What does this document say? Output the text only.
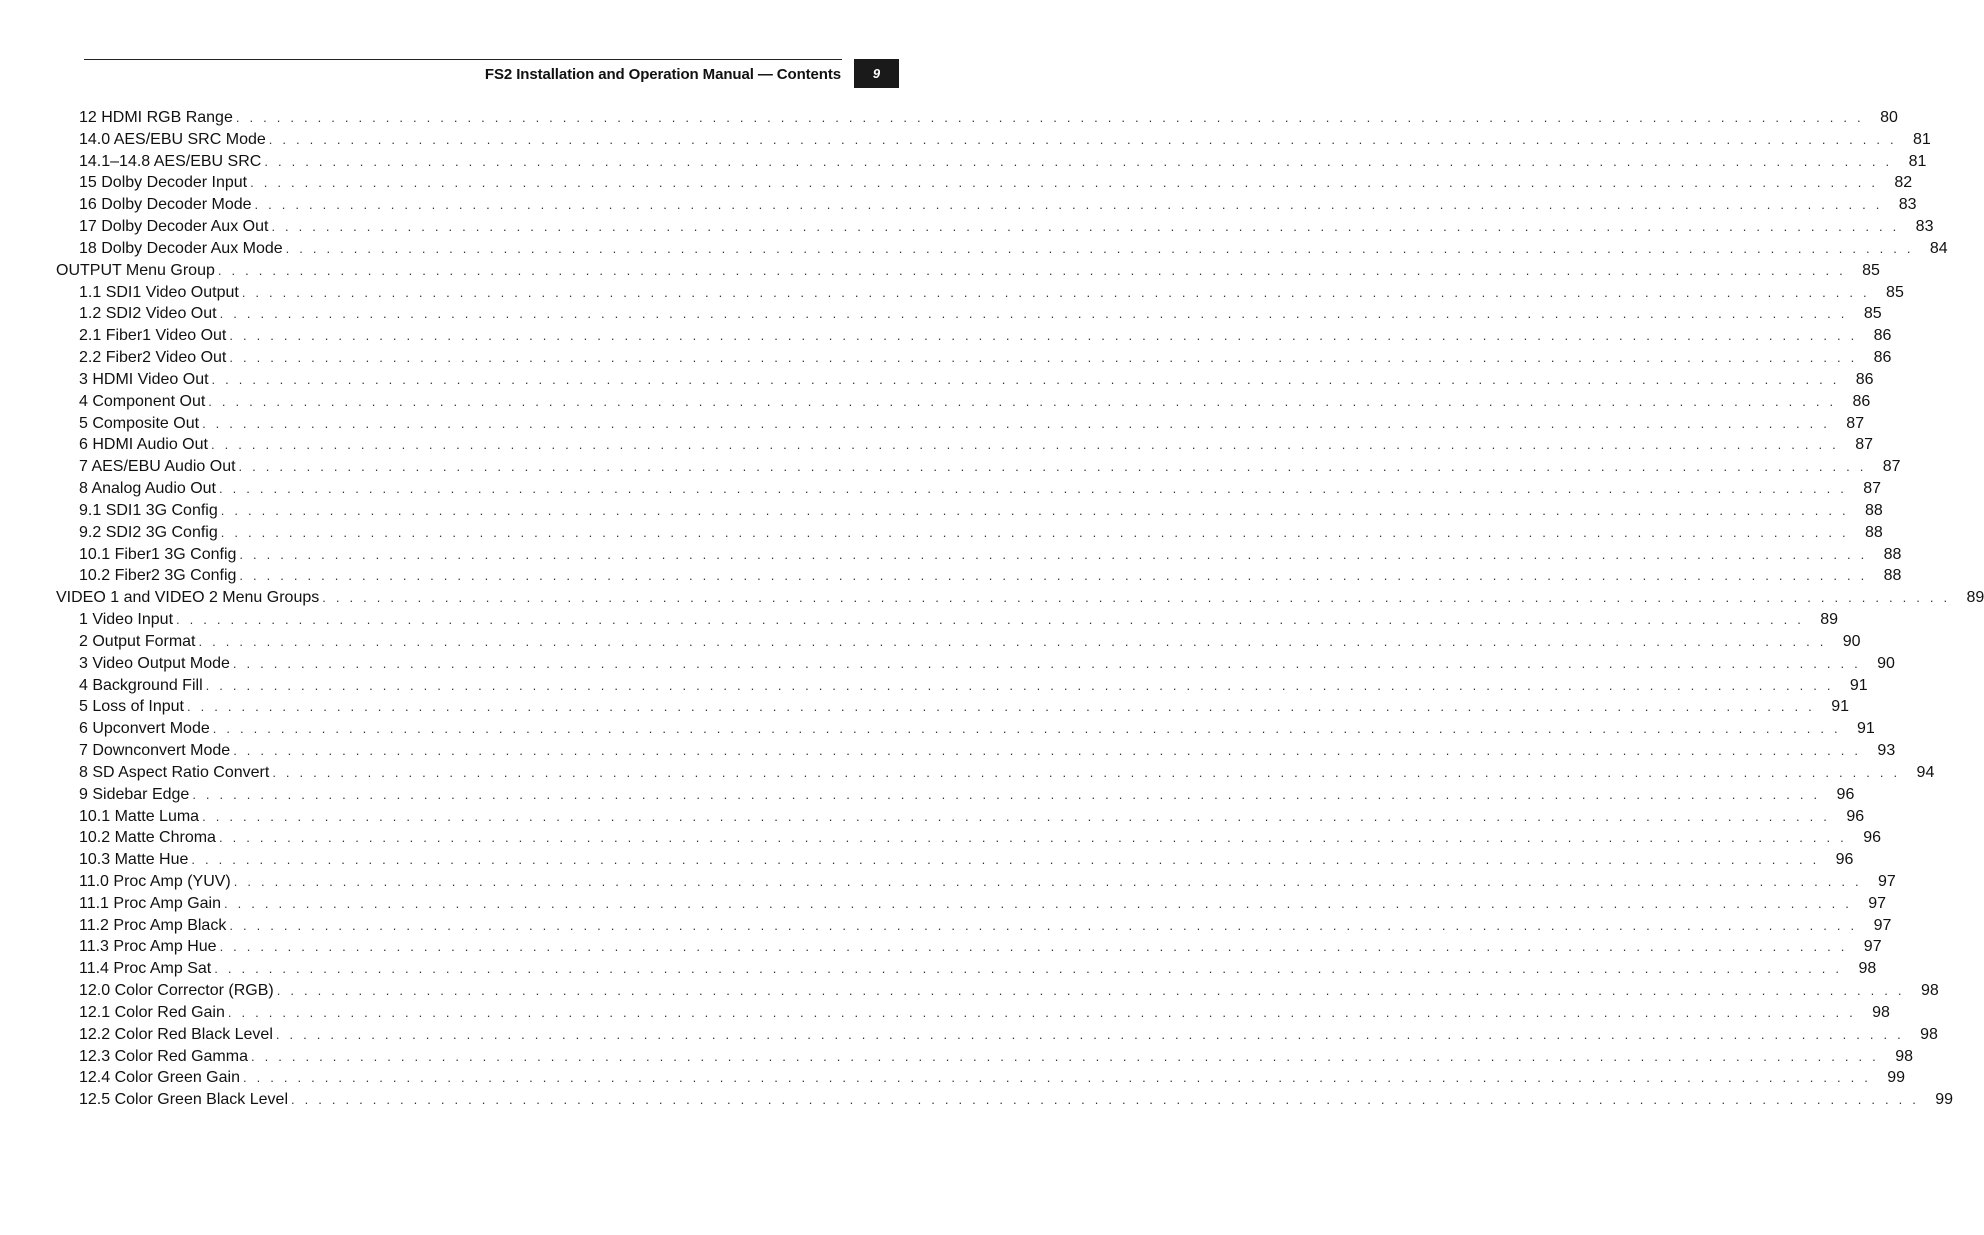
FS2 Installation and Operation Manual — Contents 9
12 HDMI RGB Range . . . . . . . . . . . . . . . . . . . . . . . . . . . . . . . . . . . . . . . . . . . . . . . . . . . . . . . . . . . . . . . . . . . . . . . . . . . . . . . . . . . . . . . . . . . . . . . . . . . . . . . . . . . . . . . . . . . . . . . .	80
14.0 AES/EBU SRC Mode . . . . . . . . . . . . . . . . . . . . . . . . . . . . . . . . . . . . . . . . . . . . . . . . . . . . . . . . . . . . . . . . . . . . . . . . . . . . . . . . . . . . . . . . . . . . . . . . . . . . . . . . . . . . . . . . . . . . . . . .	81
14.1–14.8 AES/EBU SRC . . . . . . . . . . . . . . . . . . . . . . . . . . . . . . . . . . . . . . . . . . . . . . . . . . . . . . . . . . . . . . . . . . . . . . . . . . . . . . . . . . . . . . . . . . . . . . . . . . . . . . . . . . . . . . . . . . . . . . . .	81
15 Dolby Decoder Input . . . . . . . . . . . . . . . . . . . . . . . . . . . . . . . . . . . . . . . . . . . . . . . . . . . . . . . . . . . . . . . . . . . . . . . . . . . . . . . . . . . . . . . . . . . . . . . . . . . . . . . . . . . . . . . . . . . . . . . .	82
16 Dolby Decoder Mode . . . . . . . . . . . . . . . . . . . . . . . . . . . . . . . . . . . . . . . . . . . . . . . . . . . . . . . . . . . . . . . . . . . . . . . . . . . . . . . . . . . . . . . . . . . . . . . . . . . . . . . . . . . . . . . . . . . . . . . .	83
17 Dolby Decoder Aux Out . . . . . . . . . . . . . . . . . . . . . . . . . . . . . . . . . . . . . . . . . . . . . . . . . . . . . . . . . . . . . . . . . . . . . . . . . . . . . . . . . . . . . . . . . . . . . . . . . . . . . . . . . . . . . . . . . . . . . . . .	83
18 Dolby Decoder Aux Mode . . . . . . . . . . . . . . . . . . . . . . . . . . . . . . . . . . . . . . . . . . . . . . . . . . . . . . . . . . . . . . . . . . . . . . . . . . . . . . . . . . . . . . . . . . . . . . . . . . . . . . . . . . . . . . . . . . . . . . . .	84
OUTPUT Menu Group . . . . . . . . . . . . . . . . . . . . . . . . . . . . . . . . . . . . . . . . . . . . . . . . . . . . . . . . . . . . . . . . . . . . . . . . . . . . . . . . . . . . . . . . . . . . . . . . . . . . . . . . . . . . . . . . . . . . . . . .	85
1.1 SDI1 Video Output . . . . . . . . . . . . . . . . . . . . . . . . . . . . . . . . . . . . . . . . . . . . . . . . . . . . . . . . . . . . . . . . . . . . . . . . . . . . . . . . . . . . . . . . . . . . . . . . . . . . . . . . . . . . . . . . . . . . . . . .	85
1.2 SDI2 Video Out . . . . . . . . . . . . . . . . . . . . . . . . . . . . . . . . . . . . . . . . . . . . . . . . . . . . . . . . . . . . . . . . . . . . . . . . . . . . . . . . . . . . . . . . . . . . . . . . . . . . . . . . . . . . . . . . . . . . . . . .	85
2.1 Fiber1 Video Out . . . . . . . . . . . . . . . . . . . . . . . . . . . . . . . . . . . . . . . . . . . . . . . . . . . . . . . . . . . . . . . . . . . . . . . . . . . . . . . . . . . . . . . . . . . . . . . . . . . . . . . . . . . . . . . . . . . . . . . .	86
2.2 Fiber2 Video Out . . . . . . . . . . . . . . . . . . . . . . . . . . . . . . . . . . . . . . . . . . . . . . . . . . . . . . . . . . . . . . . . . . . . . . . . . . . . . . . . . . . . . . . . . . . . . . . . . . . . . . . . . . . . . . . . . . . . . . . .	86
3 HDMI Video Out . . . . . . . . . . . . . . . . . . . . . . . . . . . . . . . . . . . . . . . . . . . . . . . . . . . . . . . . . . . . . . . . . . . . . . . . . . . . . . . . . . . . . . . . . . . . . . . . . . . . . . . . . . . . . . . . . . . . . . . .	86
4 Component Out . . . . . . . . . . . . . . . . . . . . . . . . . . . . . . . . . . . . . . . . . . . . . . . . . . . . . . . . . . . . . . . . . . . . . . . . . . . . . . . . . . . . . . . . . . . . . . . . . . . . . . . . . . . . . . . . . . . . . . . .	86
5 Composite Out . . . . . . . . . . . . . . . . . . . . . . . . . . . . . . . . . . . . . . . . . . . . . . . . . . . . . . . . . . . . . . . . . . . . . . . . . . . . . . . . . . . . . . . . . . . . . . . . . . . . . . . . . . . . . . . . . . . . . . . .	87
6 HDMI Audio Out . . . . . . . . . . . . . . . . . . . . . . . . . . . . . . . . . . . . . . . . . . . . . . . . . . . . . . . . . . . . . . . . . . . . . . . . . . . . . . . . . . . . . . . . . . . . . . . . . . . . . . . . . . . . . . . . . . . . . . . .	87
7 AES/EBU Audio Out . . . . . . . . . . . . . . . . . . . . . . . . . . . . . . . . . . . . . . . . . . . . . . . . . . . . . . . . . . . . . . . . . . . . . . . . . . . . . . . . . . . . . . . . . . . . . . . . . . . . . . . . . . . . . . . . . . . . . . . .	87
8 Analog Audio Out . . . . . . . . . . . . . . . . . . . . . . . . . . . . . . . . . . . . . . . . . . . . . . . . . . . . . . . . . . . . . . . . . . . . . . . . . . . . . . . . . . . . . . . . . . . . . . . . . . . . . . . . . . . . . . . . . . . . . . . .	87
9.1 SDI1 3G Config . . . . . . . . . . . . . . . . . . . . . . . . . . . . . . . . . . . . . . . . . . . . . . . . . . . . . . . . . . . . . . . . . . . . . . . . . . . . . . . . . . . . . . . . . . . . . . . . . . . . . . . . . . . . . . . . . . . . . . . .	88
9.2 SDI2 3G Config . . . . . . . . . . . . . . . . . . . . . . . . . . . . . . . . . . . . . . . . . . . . . . . . . . . . . . . . . . . . . . . . . . . . . . . . . . . . . . . . . . . . . . . . . . . . . . . . . . . . . . . . . . . . . . . . . . . . . . . .	88
10.1 Fiber1 3G Config . . . . . . . . . . . . . . . . . . . . . . . . . . . . . . . . . . . . . . . . . . . . . . . . . . . . . . . . . . . . . . . . . . . . . . . . . . . . . . . . . . . . . . . . . . . . . . . . . . . . . . . . . . . . . . . . . . . . . . . .	88
10.2 Fiber2 3G Config . . . . . . . . . . . . . . . . . . . . . . . . . . . . . . . . . . . . . . . . . . . . . . . . . . . . . . . . . . . . . . . . . . . . . . . . . . . . . . . . . . . . . . . . . . . . . . . . . . . . . . . . . . . . . . . . . . . . . . . .	88
VIDEO 1 and VIDEO 2 Menu Groups . . . . . . . . . . . . . . . . . . . . . . . . . . . . . . . . . . . . . . . . . . . . . . . . . . . . . . . . . . . . . . . . . . . . . . . . . . . . . . . . . . . . . . . . . . . . . . . . . . . . . . . . . . . . . . . . . . . . . . . .	89
1 Video Input . . . . . . . . . . . . . . . . . . . . . . . . . . . . . . . . . . . . . . . . . . . . . . . . . . . . . . . . . . . . . . . . . . . . . . . . . . . . . . . . . . . . . . . . . . . . . . . . . . . . . . . . . . . . . . . . . . . . . . . .	89
2 Output Format . . . . . . . . . . . . . . . . . . . . . . . . . . . . . . . . . . . . . . . . . . . . . . . . . . . . . . . . . . . . . . . . . . . . . . . . . . . . . . . . . . . . . . . . . . . . . . . . . . . . . . . . . . . . . . . . . . . . . . . .	90
3 Video Output Mode . . . . . . . . . . . . . . . . . . . . . . . . . . . . . . . . . . . . . . . . . . . . . . . . . . . . . . . . . . . . . . . . . . . . . . . . . . . . . . . . . . . . . . . . . . . . . . . . . . . . . . . . . . . . . . . . . . . . . . . .	90
4 Background Fill . . . . . . . . . . . . . . . . . . . . . . . . . . . . . . . . . . . . . . . . . . . . . . . . . . . . . . . . . . . . . . . . . . . . . . . . . . . . . . . . . . . . . . . . . . . . . . . . . . . . . . . . . . . . . . . . . . . . . . . .	91
5 Loss of Input . . . . . . . . . . . . . . . . . . . . . . . . . . . . . . . . . . . . . . . . . . . . . . . . . . . . . . . . . . . . . . . . . . . . . . . . . . . . . . . . . . . . . . . . . . . . . . . . . . . . . . . . . . . . . . . . . . . . . . . .	91
6 Upconvert Mode . . . . . . . . . . . . . . . . . . . . . . . . . . . . . . . . . . . . . . . . . . . . . . . . . . . . . . . . . . . . . . . . . . . . . . . . . . . . . . . . . . . . . . . . . . . . . . . . . . . . . . . . . . . . . . . . . . . . . . . .	91
7 Downconvert Mode . . . . . . . . . . . . . . . . . . . . . . . . . . . . . . . . . . . . . . . . . . . . . . . . . . . . . . . . . . . . . . . . . . . . . . . . . . . . . . . . . . . . . . . . . . . . . . . . . . . . . . . . . . . . . . . . . . . . . . . .	93
8 SD Aspect Ratio Convert . . . . . . . . . . . . . . . . . . . . . . . . . . . . . . . . . . . . . . . . . . . . . . . . . . . . . . . . . . . . . . . . . . . . . . . . . . . . . . . . . . . . . . . . . . . . . . . . . . . . . . . . . . . . . . . . . . . . . . . .	94
9 Sidebar Edge . . . . . . . . . . . . . . . . . . . . . . . . . . . . . . . . . . . . . . . . . . . . . . . . . . . . . . . . . . . . . . . . . . . . . . . . . . . . . . . . . . . . . . . . . . . . . . . . . . . . . . . . . . . . . . . . . . . . . . . .	96
10.1 Matte Luma . . . . . . . . . . . . . . . . . . . . . . . . . . . . . . . . . . . . . . . . . . . . . . . . . . . . . . . . . . . . . . . . . . . . . . . . . . . . . . . . . . . . . . . . . . . . . . . . . . . . . . . . . . . . . . . . . . . . . . . .	96
10.2 Matte Chroma . . . . . . . . . . . . . . . . . . . . . . . . . . . . . . . . . . . . . . . . . . . . . . . . . . . . . . . . . . . . . . . . . . . . . . . . . . . . . . . . . . . . . . . . . . . . . . . . . . . . . . . . . . . . . . . . . . . . . . . .	96
10.3 Matte Hue . . . . . . . . . . . . . . . . . . . . . . . . . . . . . . . . . . . . . . . . . . . . . . . . . . . . . . . . . . . . . . . . . . . . . . . . . . . . . . . . . . . . . . . . . . . . . . . . . . . . . . . . . . . . . . . . . . . . . . . .	96
11.0 Proc Amp (YUV) . . . . . . . . . . . . . . . . . . . . . . . . . . . . . . . . . . . . . . . . . . . . . . . . . . . . . . . . . . . . . . . . . . . . . . . . . . . . . . . . . . . . . . . . . . . . . . . . . . . . . . . . . . . . . . . . . . . . . . . .	97
11.1 Proc Amp Gain . . . . . . . . . . . . . . . . . . . . . . . . . . . . . . . . . . . . . . . . . . . . . . . . . . . . . . . . . . . . . . . . . . . . . . . . . . . . . . . . . . . . . . . . . . . . . . . . . . . . . . . . . . . . . . . . . . . . . . . .	97
11.2 Proc Amp Black . . . . . . . . . . . . . . . . . . . . . . . . . . . . . . . . . . . . . . . . . . . . . . . . . . . . . . . . . . . . . . . . . . . . . . . . . . . . . . . . . . . . . . . . . . . . . . . . . . . . . . . . . . . . . . . . . . . . . . . .	97
11.3 Proc Amp Hue . . . . . . . . . . . . . . . . . . . . . . . . . . . . . . . . . . . . . . . . . . . . . . . . . . . . . . . . . . . . . . . . . . . . . . . . . . . . . . . . . . . . . . . . . . . . . . . . . . . . . . . . . . . . . . . . . . . . . . . .	97
11.4 Proc Amp Sat . . . . . . . . . . . . . . . . . . . . . . . . . . . . . . . . . . . . . . . . . . . . . . . . . . . . . . . . . . . . . . . . . . . . . . . . . . . . . . . . . . . . . . . . . . . . . . . . . . . . . . . . . . . . . . . . . . . . . . . .	98
12.0 Color Corrector (RGB) . . . . . . . . . . . . . . . . . . . . . . . . . . . . . . . . . . . . . . . . . . . . . . . . . . . . . . . . . . . . . . . . . . . . . . . . . . . . . . . . . . . . . . . . . . . . . . . . . . . . . . . . . . . . . . . . . . . . . . . .	98
12.1 Color Red Gain . . . . . . . . . . . . . . . . . . . . . . . . . . . . . . . . . . . . . . . . . . . . . . . . . . . . . . . . . . . . . . . . . . . . . . . . . . . . . . . . . . . . . . . . . . . . . . . . . . . . . . . . . . . . . . . . . . . . . . . .	98
12.2 Color Red Black Level . . . . . . . . . . . . . . . . . . . . . . . . . . . . . . . . . . . . . . . . . . . . . . . . . . . . . . . . . . . . . . . . . . . . . . . . . . . . . . . . . . . . . . . . . . . . . . . . . . . . . . . . . . . . . . . . . . . . . . . .	98
12.3 Color Red Gamma . . . . . . . . . . . . . . . . . . . . . . . . . . . . . . . . . . . . . . . . . . . . . . . . . . . . . . . . . . . . . . . . . . . . . . . . . . . . . . . . . . . . . . . . . . . . . . . . . . . . . . . . . . . . . . . . . . . . . . . .	98
12.4 Color Green Gain . . . . . . . . . . . . . . . . . . . . . . . . . . . . . . . . . . . . . . . . . . . . . . . . . . . . . . . . . . . . . . . . . . . . . . . . . . . . . . . . . . . . . . . . . . . . . . . . . . . . . . . . . . . . . . . . . . . . . . . .	99
12.5 Color Green Black Level . . . . . . . . . . . . . . . . . . . . . . . . . . . . . . . . . . . . . . . . . . . . . . . . . . . . . . . . . . . . . . . . . . . . . . . . . . . . . . . . . . . . . . . . . . . . . . . . . . . . . . . . . . . . . . . . . . . . . . . .	99
